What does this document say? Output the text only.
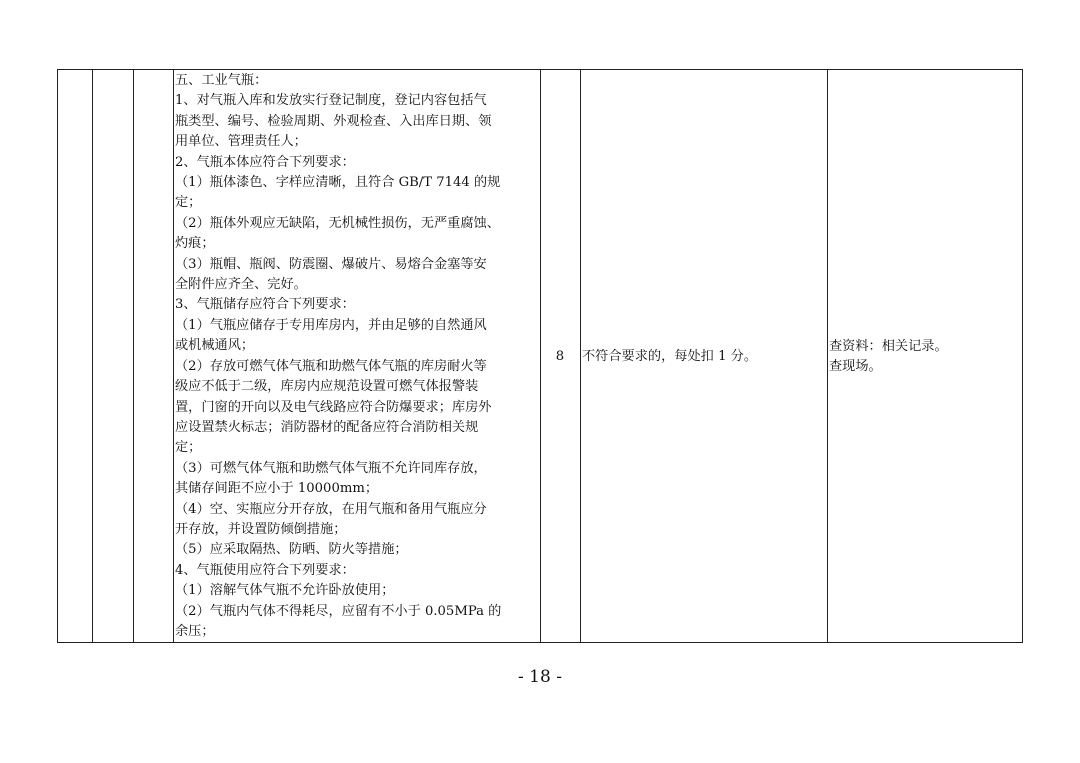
五、工业气瓶：
1、对气瓶入库和发放实行登记制度，登记内容包括气
瓶类型、编号、检验周期、外观检查、入出库日期、领
用单位、管理责任人；
2、气瓶本体应符合下列要求：
（1）瓶体漆色、字样应清晰，且符合 GB/T 7144 的规
定；
（2）瓶体外观应无缺陷，无机械性损伤，无严重腐蚀、
灼痕；
（3）瓶帽、瓶阀、防震圈、爆破片、易熔合金塞等安
全附件应齐全、完好。
3、气瓶储存应符合下列要求：
（1）气瓶应储存于专用库房内，并由足够的自然通风
或机械通风；
（2）存放可燃气体气瓶和助燃气体气瓶的库房耐火等
级应不低于二级，库房内应规范设置可燃气体报警装
置，门窗的开向以及电气线路应符合防爆要求；库房外
应设置禁火标志；消防器材的配备应符合消防相关规
定；
（3）可燃气体气瓶和助燃气体气瓶不允许同库存放，
其储存间距不应小于 10000mm；
（4）空、实瓶应分开存放，在用气瓶和备用气瓶应分
开存放，并设置防倾倒措施；
（5）应采取隔热、防晒、防火等措施；
4、气瓶使用应符合下列要求：
（1）溶解气体气瓶不允许卧放使用；
（2）气瓶内气体不得耗尽，应留有不小于 0.05MPa 的
余压；
8	不符合要求的，每处扣 1 分。
查资料：相关记录。
查现场。
- 18 -
